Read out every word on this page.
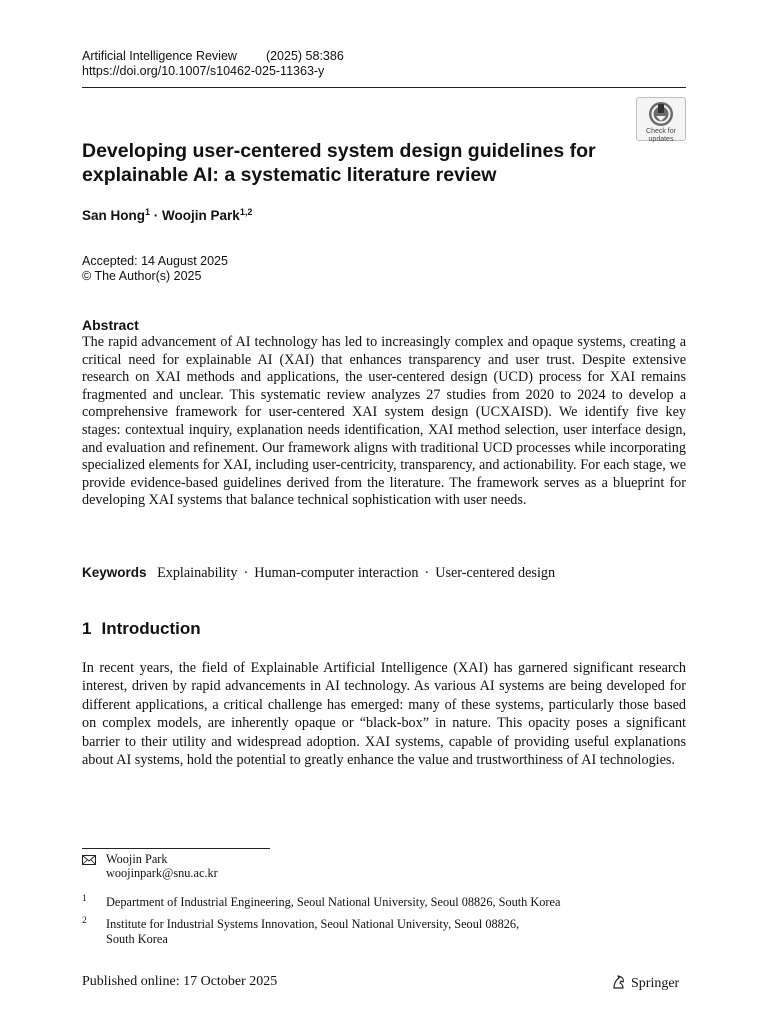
Artificial Intelligence Review (2025) 58:386
https://doi.org/10.1007/s10462-025-11363-y
Check for
updates
Developing user-centered system design guidelines for explainable AI: a systematic literature review
San Hong$^1$ · Woojin Park$^{1,2}$
Accepted: 14 August 2025
© The Author(s) 2025
Abstract

The rapid advancement of AI technology has led to increasingly complex and opaque systems, creating a critical need for explainable AI (XAI) that enhances transparency and user trust. Despite extensive research on XAI methods and applications, the user-centered design (UCD) process for XAI remains fragmented and unclear. This systematic review analyzes 27 studies from 2020 to 2024 to develop a comprehensive framework for user-centered XAI system design (UCXAISD). We identify five key stages: contextual inquiry, explanation needs identification, XAI method selection, user interface design, and evaluation and refinement. Our framework aligns with traditional UCD processes while incorporating specialized elements for XAI, including user-centricity, transparency, and actionability. For each stage, we provide evidence-based guidelines derived from the literature. The framework serves as a blueprint for developing XAI systems that balance technical sophistication with user needs.

Keywords Explainability · Human-computer interaction · User-centered design
1 Introduction

In recent years, the field of Explainable Artificial Intelligence (XAI) has garnered significant research interest, driven by rapid advancements in AI technology. As various AI systems are being developed for different applications, a critical challenge has emerged: many of these systems, particularly those based on complex models, are inherently opaque or “black-box” in nature. This opacity poses a significant barrier to their utility and widespread adoption. XAI systems, capable of providing useful explanations about AI systems, hold the potential to greatly enhance the value and trustworthiness of AI technologies.

Woojin Park
woojinpark@snu.ac.kr
1 Department of Industrial Engineering, Seoul National University, Seoul 08826, South Korea
2 Institute for Industrial Systems Innovation, Seoul National University, Seoul 08826, South Korea
Published online: 17 October 2025	Springer
